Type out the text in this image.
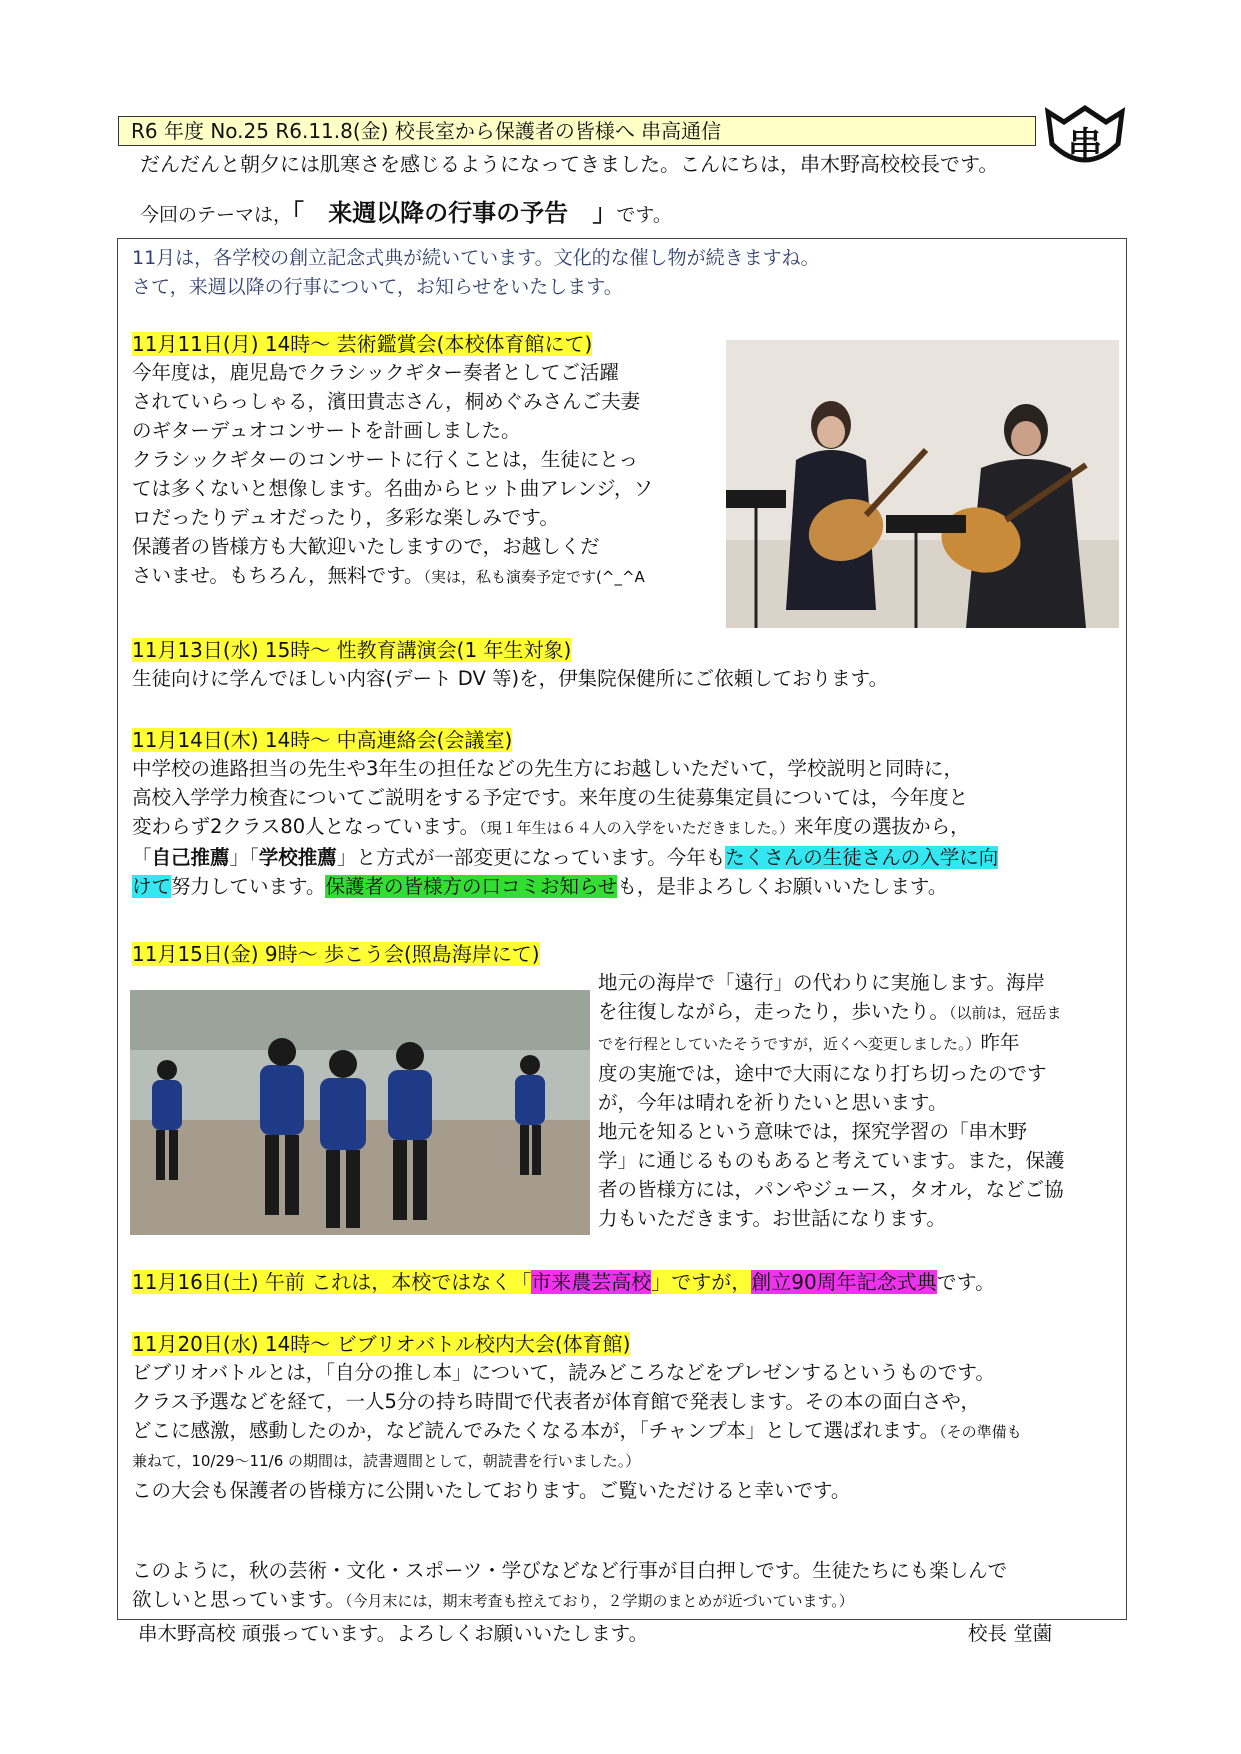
R6 年度 No.25 R6.11.8(金) 校長室から保護者の皆様へ 串高通信	串
だんだんと朝夕には肌寒さを感じるようになってきました。こんにちは，串木野高校校長です。
今回のテーマは，「 来週以降の行事の予告 」です。
11月は，各学校の創立記念式典が続いています。文化的な催し物が続きますね。
さて，来週以降の行事について，お知らせをいたします。
11月11日(月) 14時～ 芸術鑑賞会(本校体育館にて)
今年度は，鹿児島でクラシックギター奏者としてご活躍
されていらっしゃる，濱田貴志さん，桐めぐみさんご夫妻
のギターデュオコンサートを計画しました。
クラシックギターのコンサートに行くことは，生徒にとっ
ては多くないと想像します。名曲からヒット曲アレンジ，ソ
ロだったりデュオだったり，多彩な楽しみです。
保護者の皆様方も大歓迎いたしますので，お越しくだ
さいませ。もちろん，無料です。（実は，私も演奏予定です(^_^A
11月13日(水) 15時～ 性教育講演会(1 年生対象)
生徒向けに学んでほしい内容(デート DV 等)を，伊集院保健所にご依頼しております。
11月14日(木) 14時～ 中高連絡会(会議室)
中学校の進路担当の先生や3年生の担任などの先生方にお越しいただいて，学校説明と同時に，
高校入学学力検査についてご説明をする予定です。来年度の生徒募集定員については，今年度と
変わらず2クラス80人となっています。（現１年生は６４人の入学をいただきました。）来年度の選抜から，
「自己推薦」「学校推薦」と方式が一部変更になっています。今年もたくさんの生徒さんの入学に向
けて努力しています。保護者の皆様方の口コミお知らせも，是非よろしくお願いいたします。
11月15日(金) 9時～ 歩こう会(照島海岸にて)
地元の海岸で「遠行」の代わりに実施します。海岸
を往復しながら，走ったり，歩いたり。（以前は，冠岳ま
でを行程としていたそうですが，近くへ変更しました。）昨年
度の実施では，途中で大雨になり打ち切ったのです
が，今年は晴れを祈りたいと思います。
地元を知るという意味では，探究学習の「串木野
学」に通じるものもあると考えています。また，保護
者の皆様方には，パンやジュース，タオル，などご協
力もいただきます。お世話になります。
11月16日(土) 午前 これは，本校ではなく「市来農芸高校」ですが，創立90周年記念式典です。
11月20日(水) 14時～ ビブリオバトル校内大会(体育館)
ビブリオバトルとは，「自分の推し本」について，読みどころなどをプレゼンするというものです。
クラス予選などを経て，一人5分の持ち時間で代表者が体育館で発表します。その本の面白さや，
どこに感激，感動したのか，など読んでみたくなる本が，「チャンプ本」として選ばれます。（その準備も
兼ねて，10/29～11/6 の期間は，読書週間として，朝読書を行いました。）
この大会も保護者の皆様方に公開いたしております。ご覧いただけると幸いです。
このように，秋の芸術・文化・スポーツ・学びなどなど行事が目白押しです。生徒たちにも楽しんで
欲しいと思っています。（今月末には，期末考査も控えており，２学期のまとめが近づいています。）
串木野高校 頑張っています。よろしくお願いいたします。	校長 堂薗
